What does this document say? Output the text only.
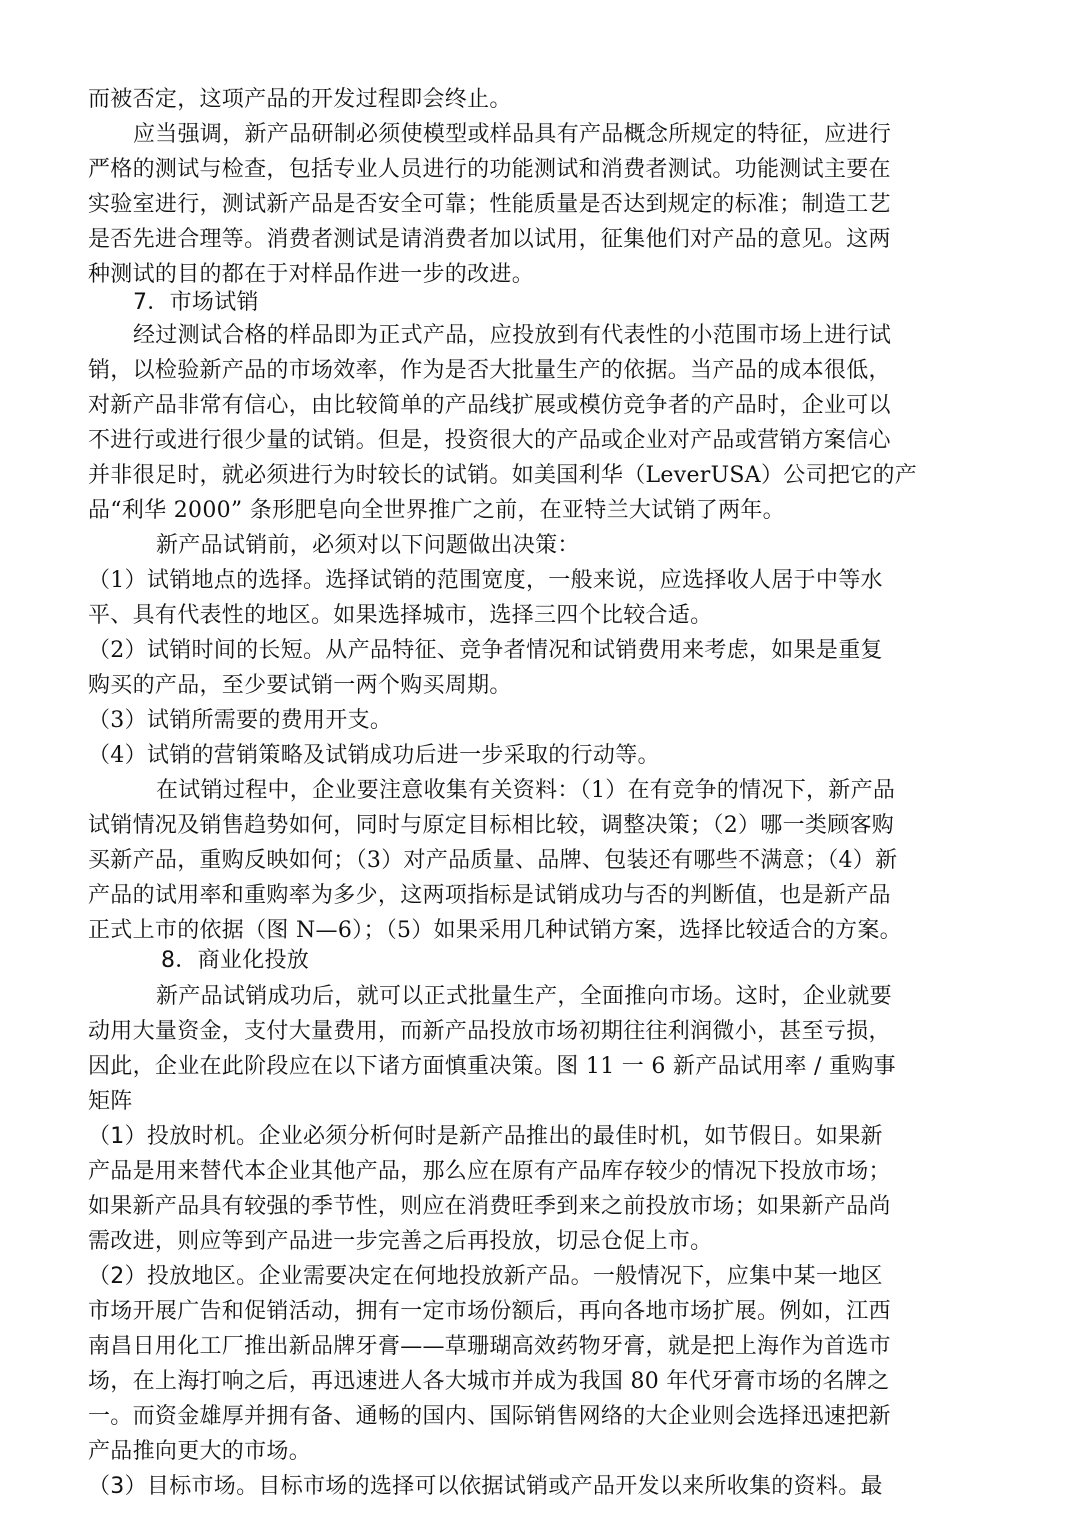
而被否定，这项产品的开发过程即会终止。
应当强调，新产品研制必须使模型或样品具有产品概念所规定的特征，应进行
严格的测试与检查，包括专业人员进行的功能测试和消费者测试。功能测试主要在
实验室进行，测试新产品是否安全可靠；性能质量是否达到规定的标准；制造工艺
是否先进合理等。消费者测试是请消费者加以试用，征集他们对产品的意见。这两
种测试的目的都在于对样品作进一步的改进。
7．市场试销
经过测试合格的样品即为正式产品，应投放到有代表性的小范围市场上进行试
销，以检验新产品的市场效率，作为是否大批量生产的依据。当产品的成本很低，
对新产品非常有信心，由比较简单的产品线扩展或模仿竞争者的产品时，企业可以
不进行或进行很少量的试销。但是，投资很大的产品或企业对产品或营销方案信心
并非很足时，就必须进行为时较长的试销。如美国利华（LeverUSA）公司把它的产
品“利华 2000” 条形肥皂向全世界推广之前，在亚特兰大试销了两年。
新产品试销前，必须对以下问题做出决策：
（1）试销地点的选择。选择试销的范围宽度，一般来说，应选择收人居于中等水
平、具有代表性的地区。如果选择城市，选择三四个比较合适。
（2）试销时间的长短。从产品特征、竞争者情况和试销费用来考虑，如果是重复
购买的产品，至少要试销一两个购买周期。
（3）试销所需要的费用开支。
（4）试销的营销策略及试销成功后进一步采取的行动等。
在试销过程中，企业要注意收集有关资料：（1）在有竞争的情况下，新产品
试销情况及销售趋势如何，同时与原定目标相比较，调整决策；（2）哪一类顾客购
买新产品，重购反映如何；（3）对产品质量、品牌、包装还有哪些不满意；（4）新
产品的试用率和重购率为多少，这两项指标是试销成功与否的判断值，也是新产品
正式上市的依据（图 N—6）；（5）如果采用几种试销方案，选择比较适合的方案。
8．商业化投放
新产品试销成功后，就可以正式批量生产，全面推向市场。这时，企业就要
动用大量资金，支付大量费用，而新产品投放市场初期往往利润微小，甚至亏损，
因此，企业在此阶段应在以下诸方面慎重决策。图 11 一 6 新产品试用率 / 重购事
矩阵
（1）投放时机。企业必须分析何时是新产品推出的最佳时机，如节假日。如果新
产品是用来替代本企业其他产品，那么应在原有产品库存较少的情况下投放市场；
如果新产品具有较强的季节性，则应在消费旺季到来之前投放市场；如果新产品尚
需改进，则应等到产品进一步完善之后再投放，切忌仓促上市。
（2）投放地区。企业需要决定在何地投放新产品。一般情况下，应集中某一地区
市场开展广告和促销活动，拥有一定市场份额后，再向各地市场扩展。例如，江西
南昌日用化工厂推出新品牌牙膏——草珊瑚高效药物牙膏，就是把上海作为首选市
场，在上海打响之后，再迅速进人各大城市并成为我国 80 年代牙膏市场的名牌之
一。而资金雄厚并拥有备、通畅的国内、国际销售网络的大企业则会选择迅速把新
产品推向更大的市场。
（3）目标市场。目标市场的选择可以依据试销或产品开发以来所收集的资料。最
